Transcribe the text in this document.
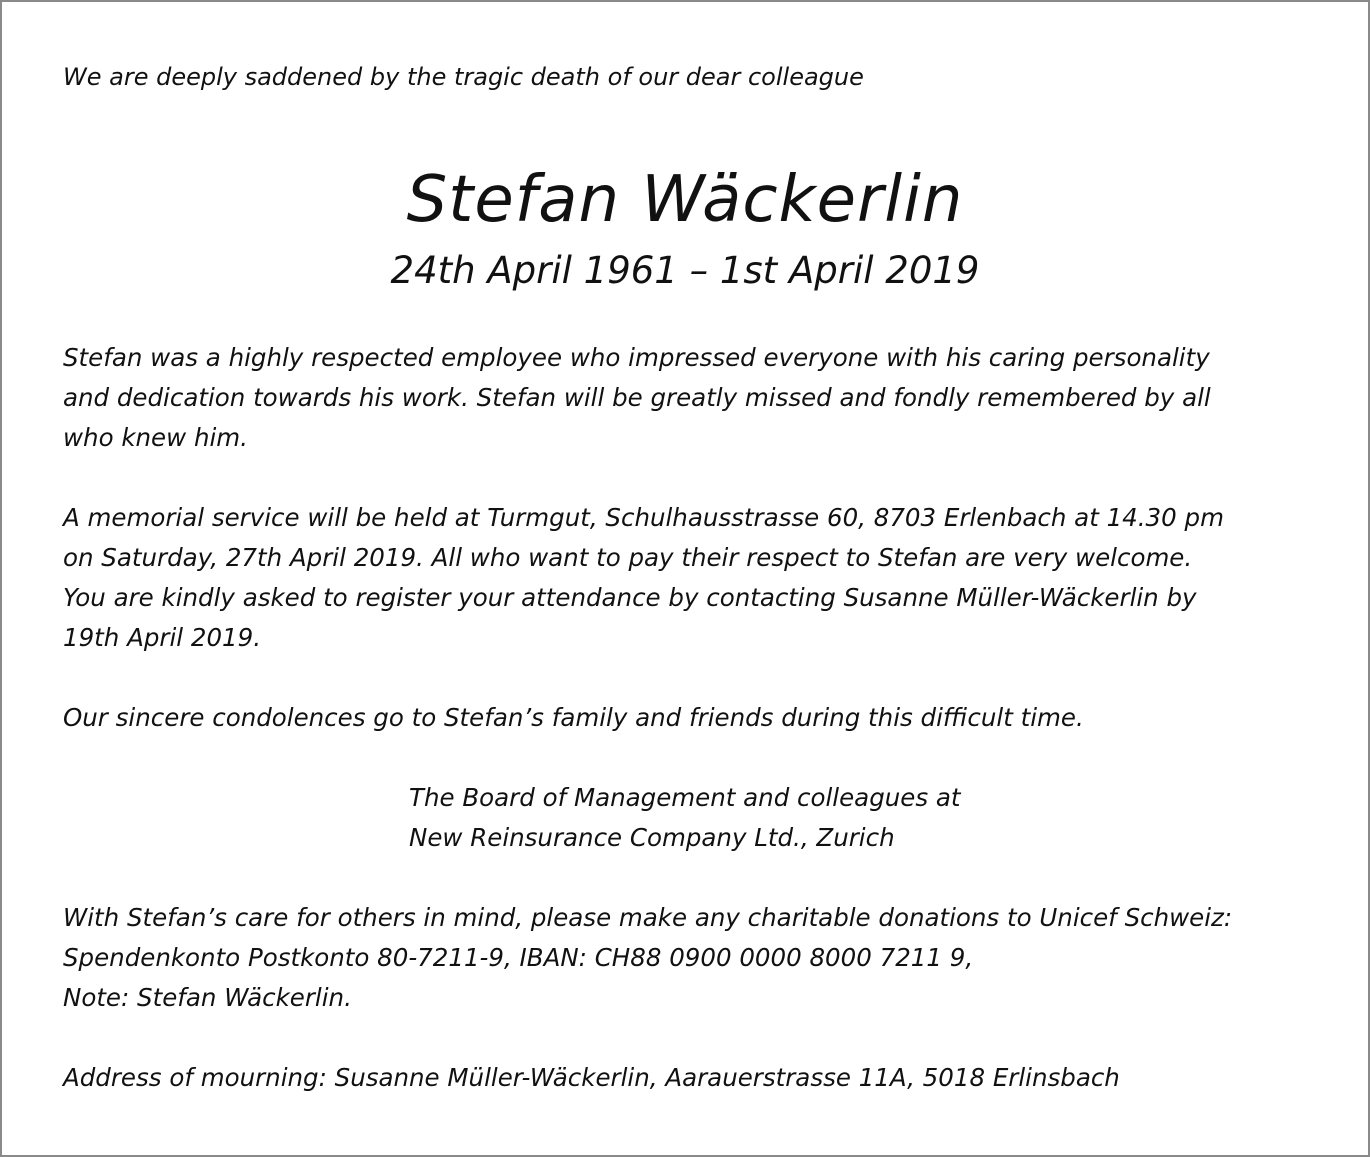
We are deeply saddened by the tragic death of our dear colleague

Stefan Wäckerlin
24th April 1961 – 1st April 2019

Stefan was a highly respected employee who impressed everyone with his caring personality
and dedication towards his work. Stefan will be greatly missed and fondly remembered by all
who knew him.

A memorial service will be held at Turmgut, Schulhausstrasse 60, 8703 Erlenbach at 14.30 pm
on Saturday, 27th April 2019. All who want to pay their respect to Stefan are very welcome.
You are kindly asked to register your attendance by contacting Susanne Müller-Wäckerlin by
19th April 2019.

Our sincere condolences go to Stefan’s family and friends during this difficult time.

The Board of Management and colleagues at
New Reinsurance Company Ltd., Zurich

With Stefan’s care for others in mind, please make any charitable donations to Unicef Schweiz:
Spendenkonto Postkonto 80-7211-9, IBAN: CH88 0900 0000 8000 7211 9,
Note: Stefan Wäckerlin.

Address of mourning: Susanne Müller-Wäckerlin, Aarauerstrasse 11A, 5018 Erlinsbach
